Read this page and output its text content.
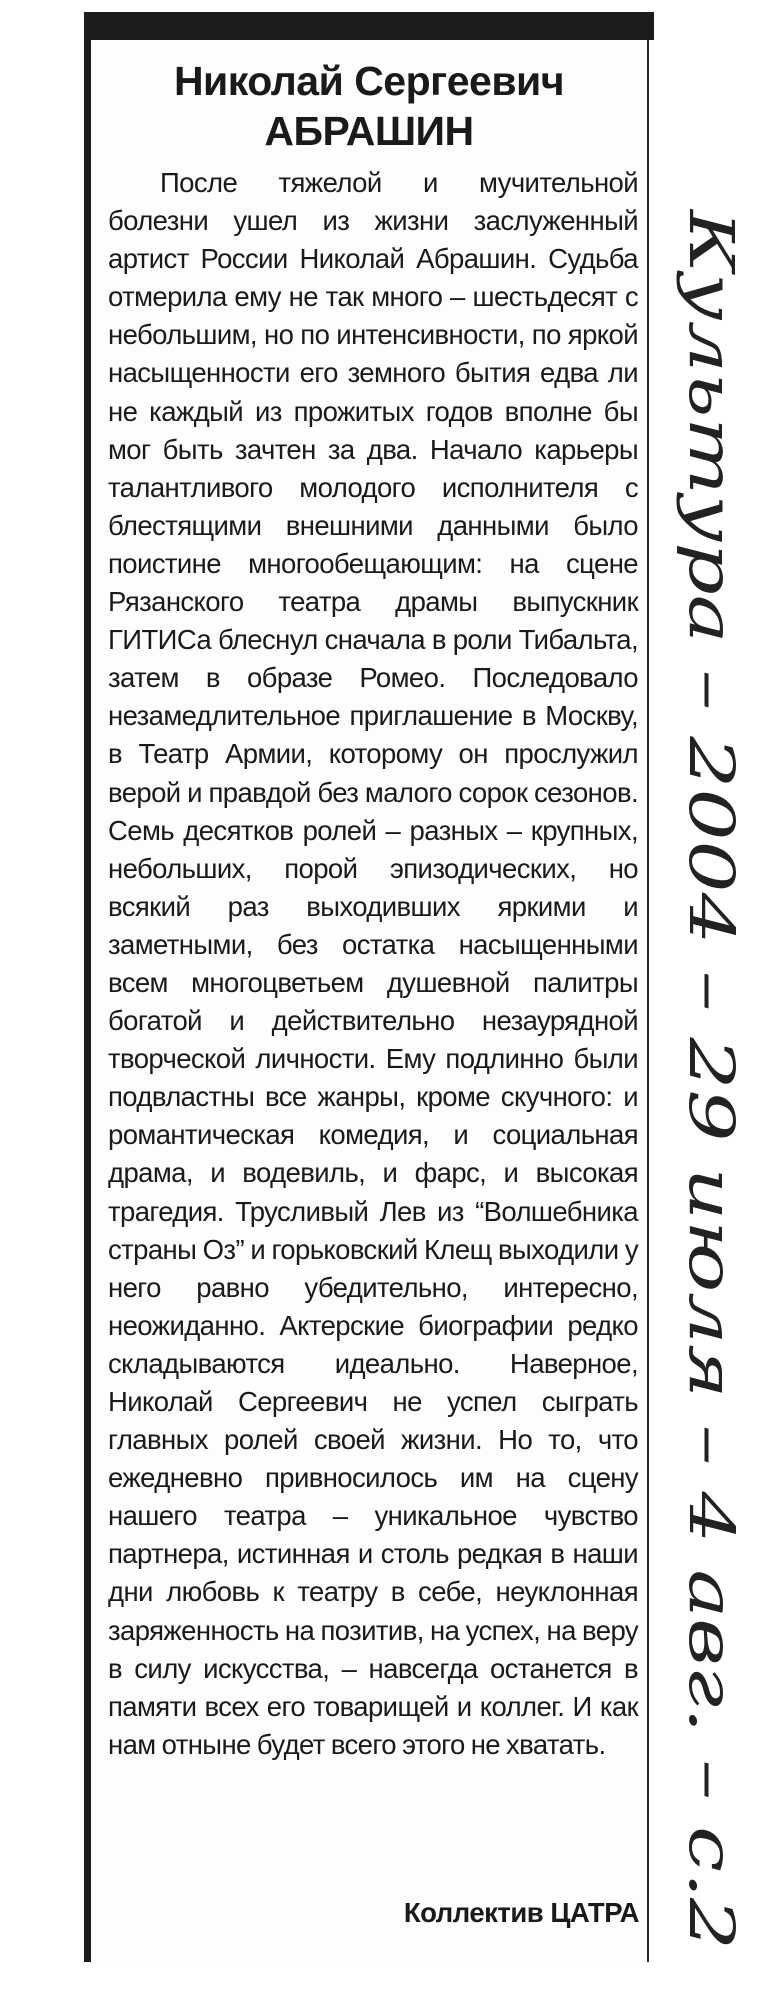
Николай Сергеевич
АБРАШИН

После тяжелой и мучительной болезни ушел из жизни заслуженный артист России Николай Абрашин. Судьба отмерила ему не так много – шестьдесят с небольшим, но по интенсивности, по яркой насыщенности его земного бытия едва ли не каждый из прожитых годов вполне бы мог быть зачтен за два. Начало карьеры талантливого молодого исполнителя с блестящими внешними данными было поистине многообещающим: на сцене Рязанского театра драмы выпускник ГИТИСа блеснул сначала в роли Тибальта, затем в образе Ромео. Последовало незамедлительное приглашение в Москву, в Театр Армии, которому он прослужил верой и правдой без малого сорок сезонов. Семь десятков ролей – разных – крупных, небольших, порой эпизодических, но всякий раз выходивших яркими и заметными, без остатка насыщенными всем многоцветьем душевной палитры богатой и действительно незаурядной творческой личности. Ему подлинно были подвластны все жанры, кроме скучного: и романтическая комедия, и социальная драма, и водевиль, и фарс, и высокая трагедия. Трусливый Лев из “Волшебника страны Оз” и горьковский Клещ выходили у него равно убедительно, интересно, неожиданно. Актерские биографии редко складываются идеально. Наверное, Николай Сергеевич не успел сыграть главных ролей своей жизни. Но то, что ежедневно привносилось им на сцену нашего театра – уникальное чувство партнера, истинная и столь редкая в наши дни любовь к театру в себе, неуклонная заряженность на позитив, на успех, на веру в силу искусства, – навсегда останется в памяти всех его товарищей и коллег. И как нам отныне будет всего этого не хватать.

Коллектив ЦАТРА

Культура – 2004 – 29 июля – 4 авг. – с.2
